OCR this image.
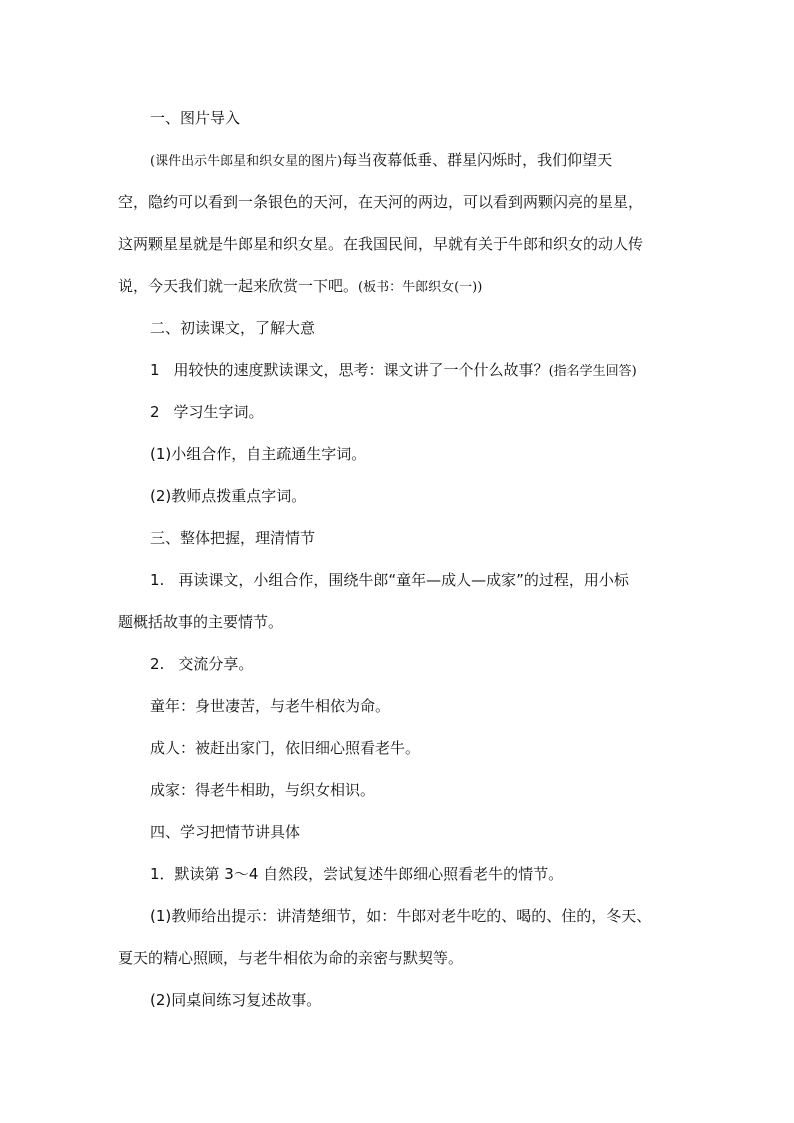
一、图片导入
(课件出示牛郎星和织女星的图片)每当夜幕低垂、群星闪烁时，我们仰望天
空，隐约可以看到一条银色的天河，在天河的两边，可以看到两颗闪亮的星星，
这两颗星星就是牛郎星和织女星。在我国民间，早就有关于牛郎和织女的动人传
说，今天我们就一起来欣赏一下吧。(板书：牛郎织女(一))
二、初读课文，了解大意
1 用较快的速度默读课文，思考：课文讲了一个什么故事？(指名学生回答)
2 学习生字词。
(1)小组合作，自主疏通生字词。
(2)教师点拨重点字词。
三、整体把握，理清情节
1. 再读课文，小组合作，围绕牛郎“童年—成人—成家”的过程，用小标
题概括故事的主要情节。
2. 交流分享。
童年：身世凄苦，与老牛相依为命。
成人：被赶出家门，依旧细心照看老牛。
成家：得老牛相助，与织女相识。
四、学习把情节讲具体
1．默读第 3～4 自然段，尝试复述牛郎细心照看老牛的情节。
(1)教师给出提示：讲清楚细节，如：牛郎对老牛吃的、喝的、住的，冬天、
夏天的精心照顾，与老牛相依为命的亲密与默契等。
(2)同桌间练习复述故事。
